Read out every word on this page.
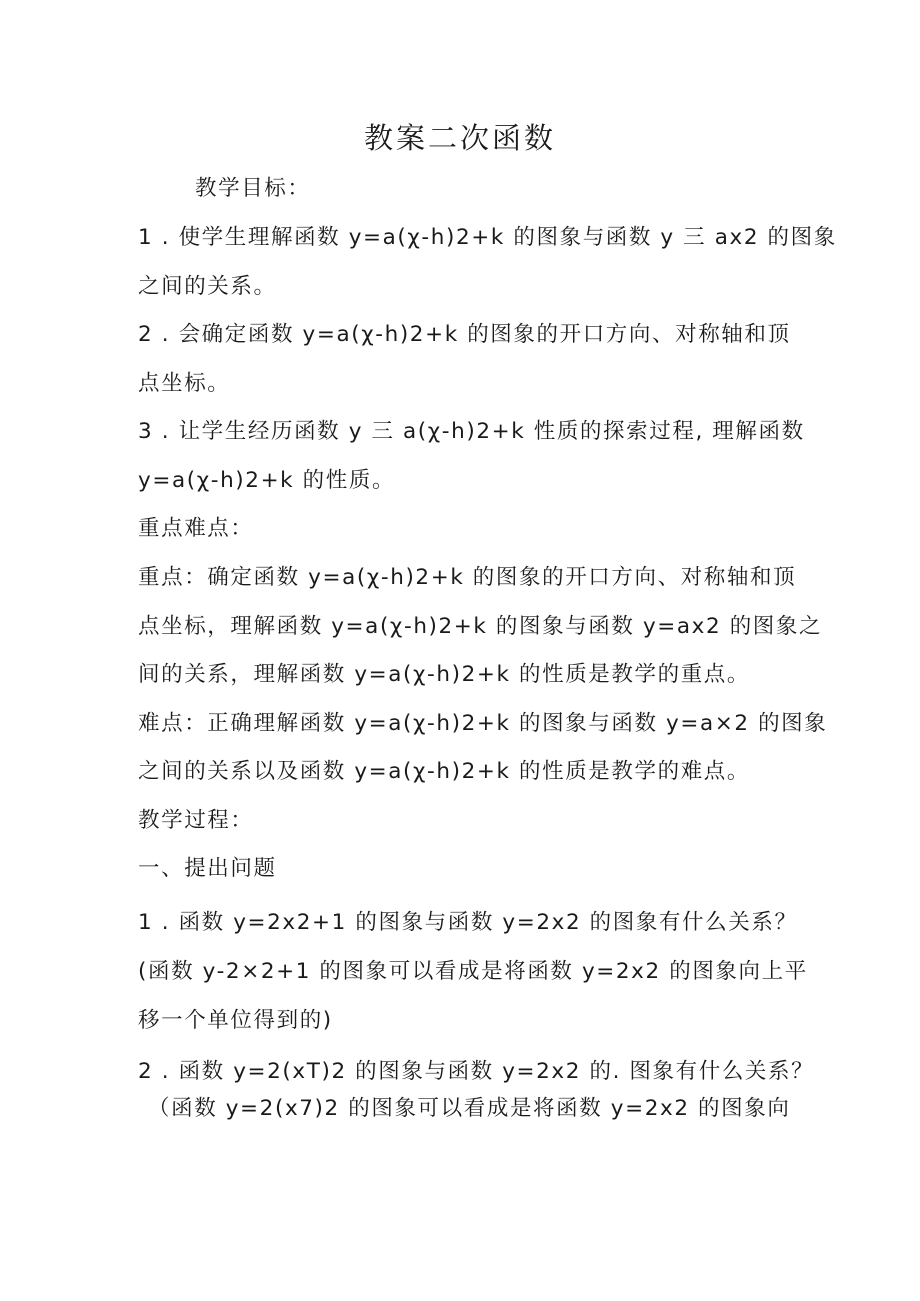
教案二次函数

教学目标：

1 . 使学生理解函数 y=a(χ-h)2+k 的图象与函数 y 三 ax2 的图象

之间的关系。

2 . 会确定函数 y=a(χ-h)2+k 的图象的开口方向、对称轴和顶

点坐标。

3 . 让学生经历函数 y 三 a(χ-h)2+k 性质的探索过程, 理解函数

y=a(χ-h)2+k 的性质。

重点难点：

重点：确定函数 y=a(χ-h)2+k 的图象的开口方向、对称轴和顶

点坐标，理解函数 y=a(χ-h)2+k 的图象与函数 y=ax2 的图象之

间的关系，理解函数 y=a(χ-h)2+k 的性质是教学的重点。

难点：正确理解函数 y=a(χ-h)2+k 的图象与函数 y=a×2 的图象

之间的关系以及函数 y=a(χ-h)2+k 的性质是教学的难点。

教学过程：

一、提出问题

1 . 函数 y=2x2+1 的图象与函数 y=2x2 的图象有什么关系？

(函数 y-2×2+1 的图象可以看成是将函数 y=2x2 的图象向上平

移一个单位得到的)

2 . 函数 y=2(xT)2 的图象与函数 y=2x2 的. 图象有什么关系？

（函数 y=2(x7)2 的图象可以看成是将函数 y=2x2 的图象向
